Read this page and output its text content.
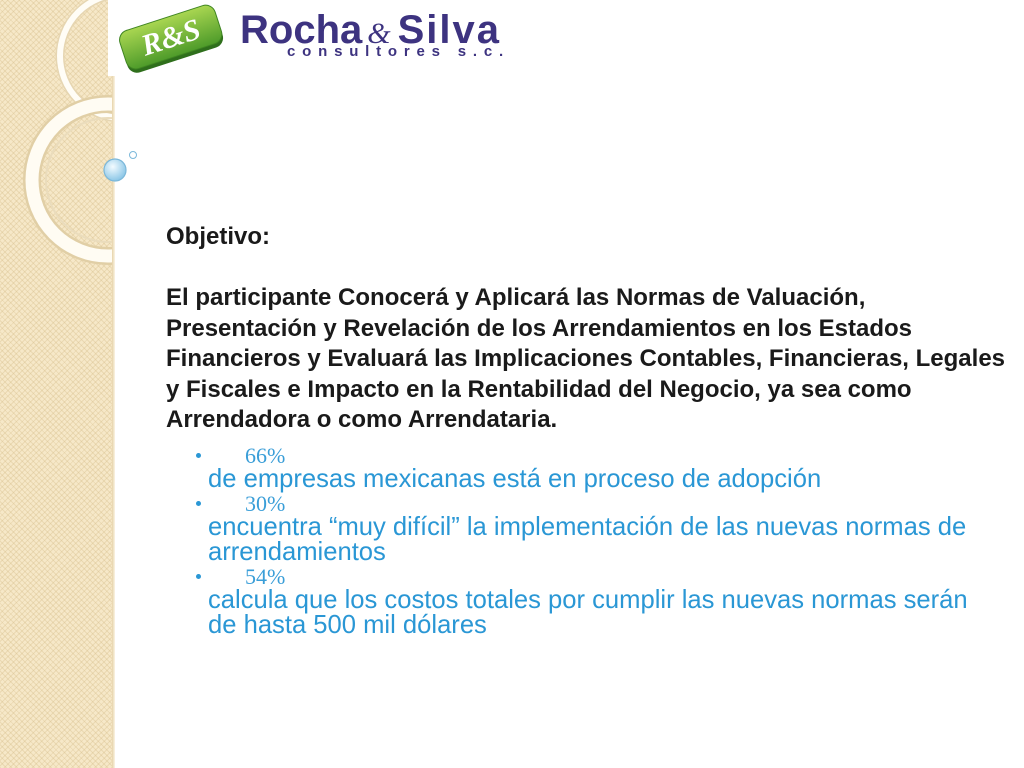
R&S Rocha & Silva
consultores s.c.
Objetivo:
El participante Conocerá y Aplicará las Normas de Valuación,
Presentación y Revelación de los Arrendamientos en los Estados
Financieros y Evaluará las Implicaciones Contables, Financieras, Legales
y Fiscales e Impacto en la Rentabilidad del Negocio, ya sea como
Arrendadora o como Arrendataria.
66%
de empresas mexicanas está en proceso de adopción
30%
encuentra “muy difícil” la implementación de las nuevas normas de arrendamientos
54%
calcula que los costos totales por cumplir las nuevas normas serán de hasta 500 mil dólares
